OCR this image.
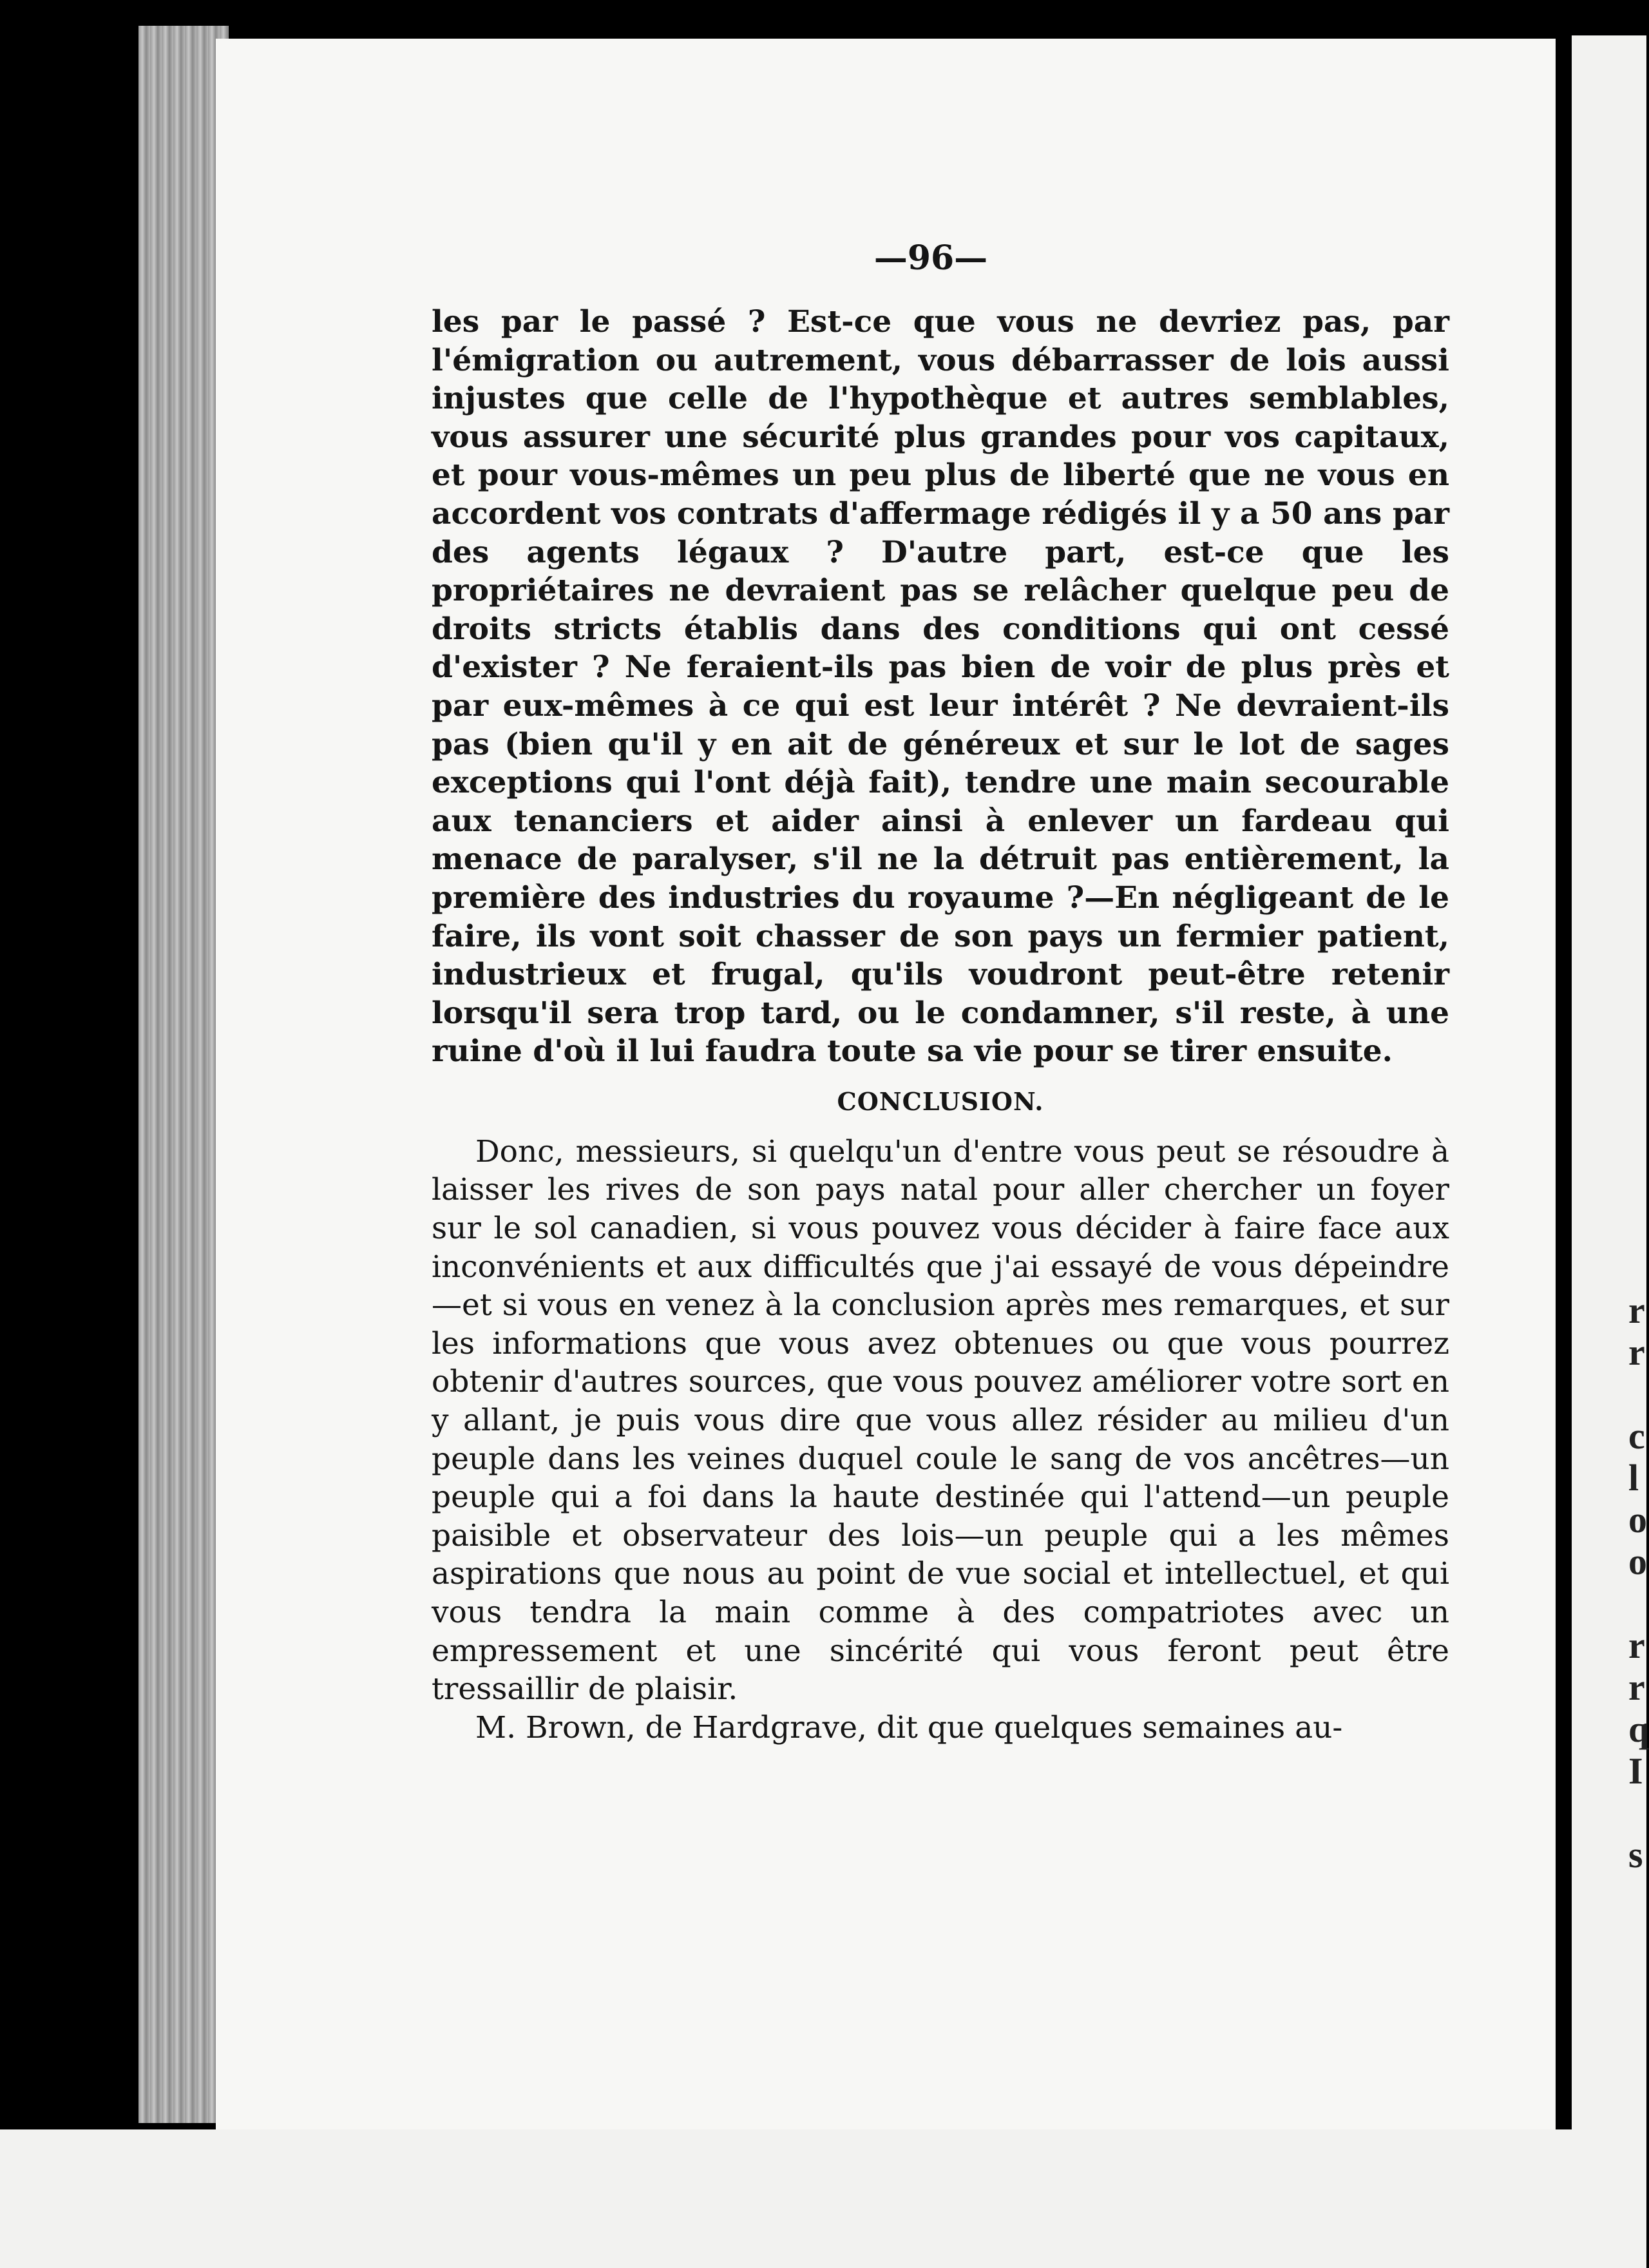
r
r
c
l
o
o
r
r
q
I
s
—96—

les par le passé ? Est-ce que vous ne devriez pas, par l'émigration ou autrement, vous débarrasser de lois aussi injustes que celle de l'hypothèque et autres semblables, vous assurer une sécurité plus grandes pour vos capitaux, et pour vous-mêmes un peu plus de liberté que ne vous en accordent vos contrats d'affermage rédigés il y a 50 ans par des agents légaux ? D'autre part, est-ce que les propriétaires ne devraient pas se relâcher quelque peu de droits stricts établis dans des conditions qui ont cessé d'exister ? Ne feraient-ils pas bien de voir de plus près et par eux-mêmes à ce qui est leur intérêt ? Ne devraient-ils pas (bien qu'il y en ait de généreux et sur le lot de sages exceptions qui l'ont déjà fait), tendre une main secourable aux tenanciers et aider ainsi à enlever un fardeau qui menace de paralyser, s'il ne la détruit pas entièrement, la première des industries du royaume ?—En négligeant de le faire, ils vont soit chasser de son pays un fermier patient, industrieux et frugal, qu'ils voudront peut-être retenir lorsqu'il sera trop tard, ou le condamner, s'il reste, à une ruine d'où il lui faudra toute sa vie pour se tirer ensuite.

CONCLUSION.

Donc, messieurs, si quelqu'un d'entre vous peut se résoudre à laisser les rives de son pays natal pour aller chercher un foyer sur le sol canadien, si vous pouvez vous décider à faire face aux inconvénients et aux difficultés que j'ai essayé de vous dépeindre—et si vous en venez à la conclusion après mes remarques, et sur les informations que vous avez obtenues ou que vous pourrez obtenir d'autres sources, que vous pouvez améliorer votre sort en y allant, je puis vous dire que vous allez résider au milieu d'un peuple dans les veines duquel coule le sang de vos ancêtres—un peuple qui a foi dans la haute destinée qui l'attend—un peuple paisible et observateur des lois—un peuple qui a les mêmes aspirations que nous au point de vue social et intellectuel, et qui vous tendra la main comme à des compatriotes avec un empressement et une sincérité qui vous feront peut être tressaillir de plaisir.

M. Brown, de Hardgrave, dit que quelques semaines au-
